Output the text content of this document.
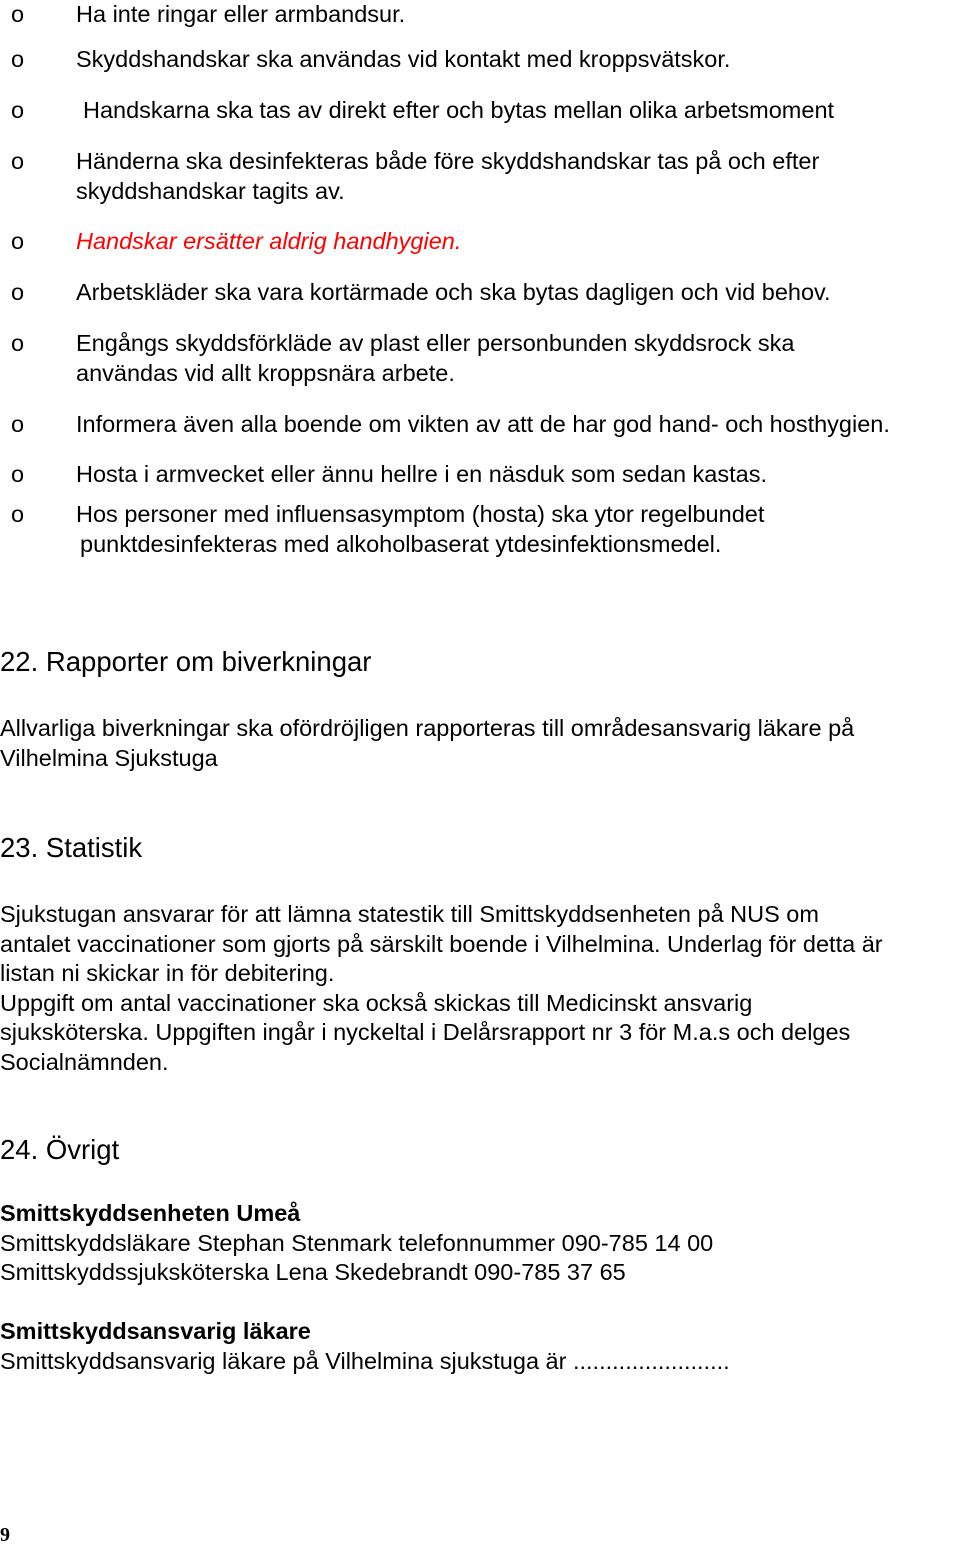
o Ha inte ringar eller armbandsur.
o Skyddshandskar ska användas vid kontakt med kroppsvätskor.
o	Handskarna ska tas av direkt efter och bytas mellan olika arbetsmoment
o Händerna ska desinfekteras både före skyddshandskar tas på och efter
skyddshandskar tagits av.
o Handskar ersätter aldrig handhygien.
o Arbetskläder ska vara kortärmade och ska bytas dagligen och vid behov.
o Engångs skyddsförkläde av plast eller personbunden skyddsrock ska
användas vid allt kroppsnära arbete.
o Informera även alla boende om vikten av att de har god hand- och hosthygien.
o Hosta i armvecket eller ännu hellre i en näsduk som sedan kastas.
o Hos personer med influensasymptom (hosta) ska ytor regelbundet
punktdesinfekteras med alkoholbaserat ytdesinfektionsmedel.
22. Rapporter om biverkningar
Allvarliga biverkningar ska ofördröjligen rapporteras till områdesansvarig läkare på
Vilhelmina Sjukstuga
23. Statistik
Sjukstugan ansvarar för att lämna statestik till Smittskyddsenheten på NUS om
antalet vaccinationer som gjorts på särskilt boende i Vilhelmina. Underlag för detta är
listan ni skickar in för debitering.
Uppgift om antal vaccinationer ska också skickas till Medicinskt ansvarig
sjuksköterska. Uppgiften ingår i nyckeltal i Delårsrapport nr 3 för M.a.s och delges
Socialnämnden.
24. Övrigt
Smittskyddsenheten Umeå
Smittskyddsläkare Stephan Stenmark telefonnummer 090-785 14 00
Smittskyddssjuksköterska Lena Skedebrandt 090-785 37 65
Smittskyddsansvarig läkare
Smittskyddsansvarig läkare på Vilhelmina sjukstuga är ........................
9
